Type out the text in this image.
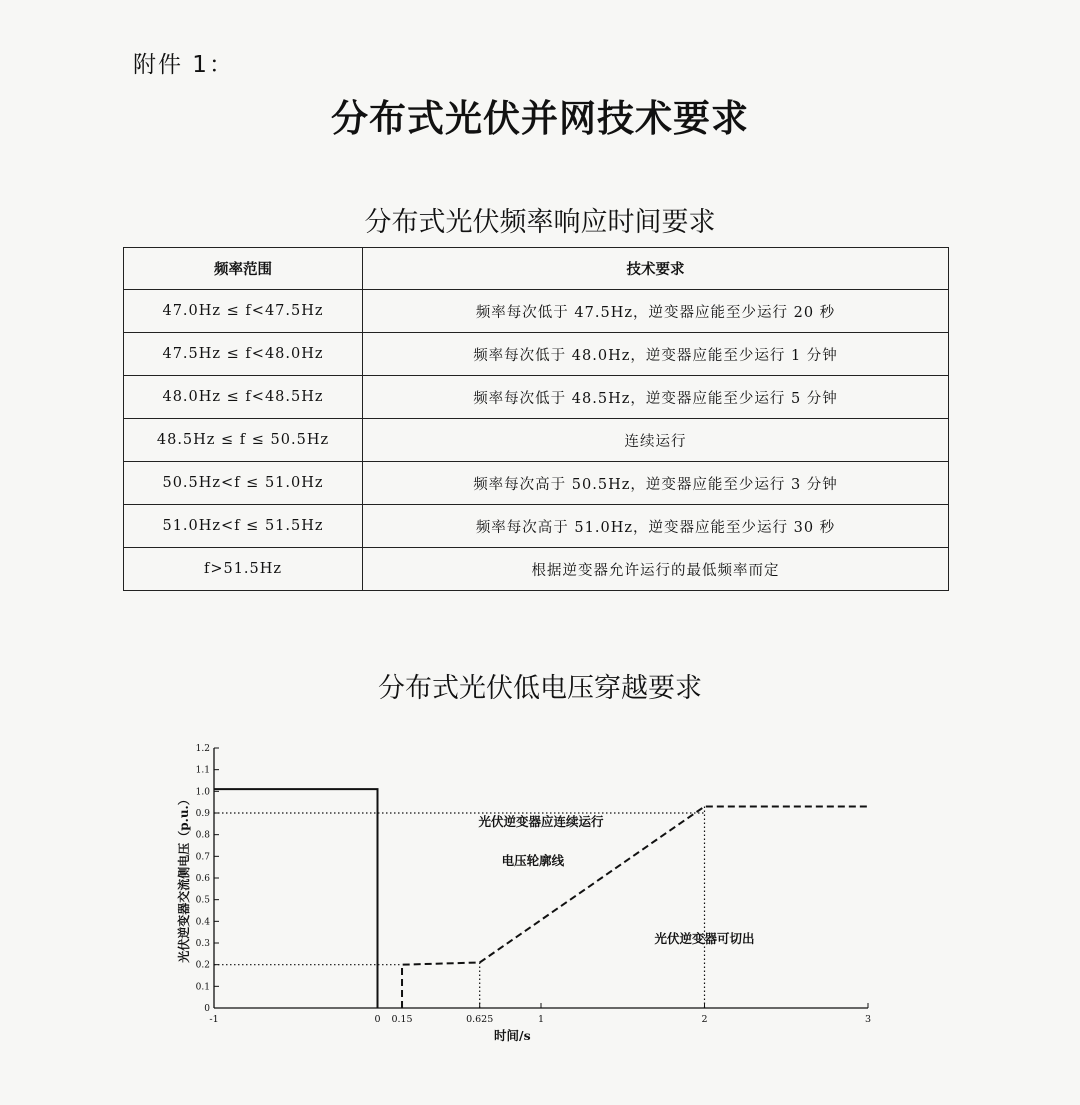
附件 1：
分布式光伏并网技术要求
分布式光伏频率响应时间要求
频率范围	技术要求
47.0Hz ≤ f<47.5Hz	频率每次低于 47.5Hz，逆变器应能至少运行 20 秒
47.5Hz ≤ f<48.0Hz	频率每次低于 48.0Hz，逆变器应能至少运行 1 分钟
48.0Hz ≤ f<48.5Hz	频率每次低于 48.5Hz，逆变器应能至少运行 5 分钟
48.5Hz ≤ f ≤ 50.5Hz	连续运行
50.5Hz<f ≤ 51.0Hz	频率每次高于 50.5Hz，逆变器应能至少运行 3 分钟
51.0Hz<f ≤ 51.5Hz	频率每次高于 51.0Hz，逆变器应能至少运行 30 秒
f>51.5Hz	根据逆变器允许运行的最低频率而定
分布式光伏低电压穿越要求
0
0.1
0.2
0.3
0.4
0.5
0.6
0.7
0.8
0.9
1.0
1.1
1.2
-1	0 0.15	0.625	1	2	3
光伏逆变器应连续运行
电压轮廓线
光伏逆变器可切出
时间/s
光伏逆变器交流侧电压（p.u.）
